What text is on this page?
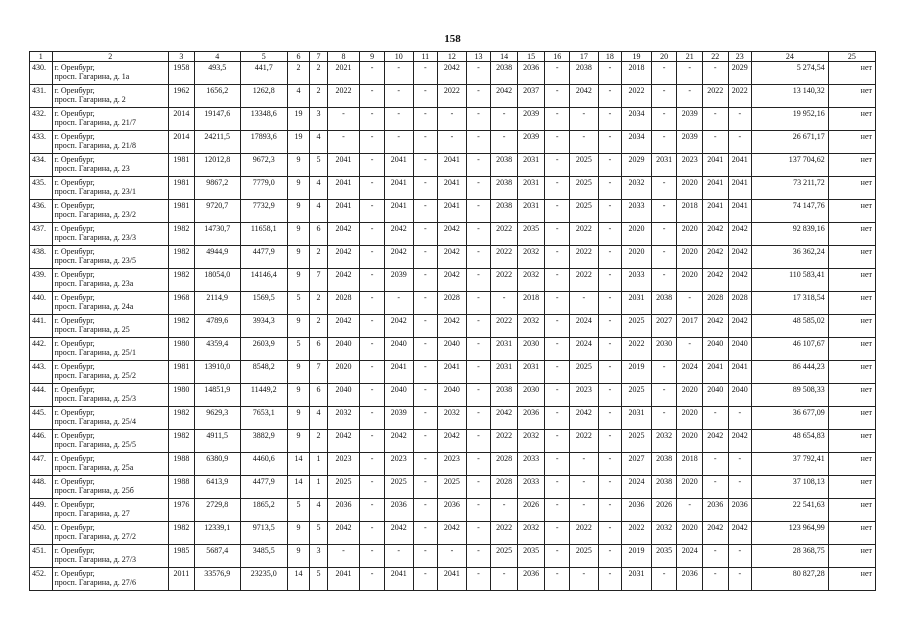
158
1	2	3	4	5	6	7	8	9	10	11	12	13	14	15	16	17	18	19	20	21	22	23	24	25
430.	г. Оренбург,
просп. Гагарина, д. 1а	1958	493,5	441,7	2	2	2021	-	-	-	2042	-	2038	2036	-	2038	-	2018	-	-	-	2029	5 274,54	нет
431.	г. Оренбург,
просп. Гагарина, д. 2	1962	1656,2	1262,8	4	2	2022	-	-	-	2022	-	2042	2037	-	2042	-	2022	-	-	2022	2022	13 140,32	нет
432.	г. Оренбург,
просп. Гагарина, д. 21/7	2014	19147,6	13348,6	19	3	-	-	-	-	-	-	-	2039	-	-	-	2034	-	2039	-	-	19 952,16	нет
433.	г. Оренбург,
просп. Гагарина, д. 21/8	2014	24211,5	17893,6	19	4	-	-	-	-	-	-	-	2039	-	-	-	2034	-	2039	-	-	26 671,17	нет
434.	г. Оренбург,
просп. Гагарина, д. 23	1981	12012,8	9672,3	9	5	2041	-	2041	-	2041	-	2038	2031	-	2025	-	2029	2031	2023	2041	2041	137 704,62	нет
435.	г. Оренбург,
просп. Гагарина, д. 23/1	1981	9867,2	7779,0	9	4	2041	-	2041	-	2041	-	2038	2031	-	2025	-	2032	-	2020	2041	2041	73 211,72	нет
436.	г. Оренбург,
просп. Гагарина, д. 23/2	1981	9720,7	7732,9	9	4	2041	-	2041	-	2041	-	2038	2031	-	2025	-	2033	-	2018	2041	2041	74 147,76	нет
437.	г. Оренбург,
просп. Гагарина, д. 23/3	1982	14730,7	11658,1	9	6	2042	-	2042	-	2042	-	2022	2035	-	2022	-	2020	-	2020	2042	2042	92 839,16	нет
438.	г. Оренбург,
просп. Гагарина, д. 23/5	1982	4944,9	4477,9	9	2	2042	-	2042	-	2042	-	2022	2032	-	2022	-	2020	-	2020	2042	2042	36 362,24	нет
439.	г. Оренбург,
просп. Гагарина, д. 23а	1982	18054,0	14146,4	9	7	2042	-	2039	-	2042	-	2022	2032	-	2022	-	2033	-	2020	2042	2042	110 583,41	нет
440.	г. Оренбург,
просп. Гагарина, д. 24а	1968	2114,9	1569,5	5	2	2028	-	-	-	2028	-	-	2018	-	-	-	2031	2038	-	2028	2028	17 318,54	нет
441.	г. Оренбург,
просп. Гагарина, д. 25	1982	4789,6	3934,3	9	2	2042	-	2042	-	2042	-	2022	2032	-	2024	-	2025	2027	2017	2042	2042	48 585,02	нет
442.	г. Оренбург,
просп. Гагарина, д. 25/1	1980	4359,4	2603,9	5	6	2040	-	2040	-	2040	-	2031	2030	-	2024	-	2022	2030	-	2040	2040	46 107,67	нет
443.	г. Оренбург,
просп. Гагарина, д. 25/2	1981	13910,0	8548,2	9	7	2020	-	2041	-	2041	-	2031	2031	-	2025	-	2019	-	2024	2041	2041	86 444,23	нет
444.	г. Оренбург,
просп. Гагарина, д. 25/3	1980	14851,9	11449,2	9	6	2040	-	2040	-	2040	-	2038	2030	-	2023	-	2025	-	2020	2040	2040	89 508,33	нет
445.	г. Оренбург,
просп. Гагарина, д. 25/4	1982	9629,3	7653,1	9	4	2032	-	2039	-	2032	-	2042	2036	-	2042	-	2031	-	2020	-	-	36 677,09	нет
446.	г. Оренбург,
просп. Гагарина, д. 25/5	1982	4911,5	3882,9	9	2	2042	-	2042	-	2042	-	2022	2032	-	2022	-	2025	2032	2020	2042	2042	48 654,83	нет
447.	г. Оренбург,
просп. Гагарина, д. 25а	1988	6380,9	4460,6	14	1	2023	-	2023	-	2023	-	2028	2033	-	-	-	2027	2038	2018	-	-	37 792,41	нет
448.	г. Оренбург,
просп. Гагарина, д. 25б	1988	6413,9	4477,9	14	1	2025	-	2025	-	2025	-	2028	2033	-	-	-	2024	2038	2020	-	-	37 108,13	нет
449.	г. Оренбург,
просп. Гагарина, д. 27	1976	2729,8	1865,2	5	4	2036	-	2036	-	2036	-	-	2026	-	-	-	2036	2026	-	2036	2036	22 541,63	нет
450.	г. Оренбург,
просп. Гагарина, д. 27/2	1982	12339,1	9713,5	9	5	2042	-	2042	-	2042	-	2022	2032	-	2022	-	2022	2032	2020	2042	2042	123 964,99	нет
451.	г. Оренбург,
просп. Гагарина, д. 27/3	1985	5687,4	3485,5	9	3	-	-	-	-	-	-	2025	2035	-	2025	-	2019	2035	2024	-	-	28 368,75	нет
452.	г. Оренбург,
просп. Гагарина, д. 27/6	2011	33576,9	23235,0	14	5	2041	-	2041	-	2041	-	-	2036	-	-	-	2031	-	2036	-	-	80 827,28	нет
